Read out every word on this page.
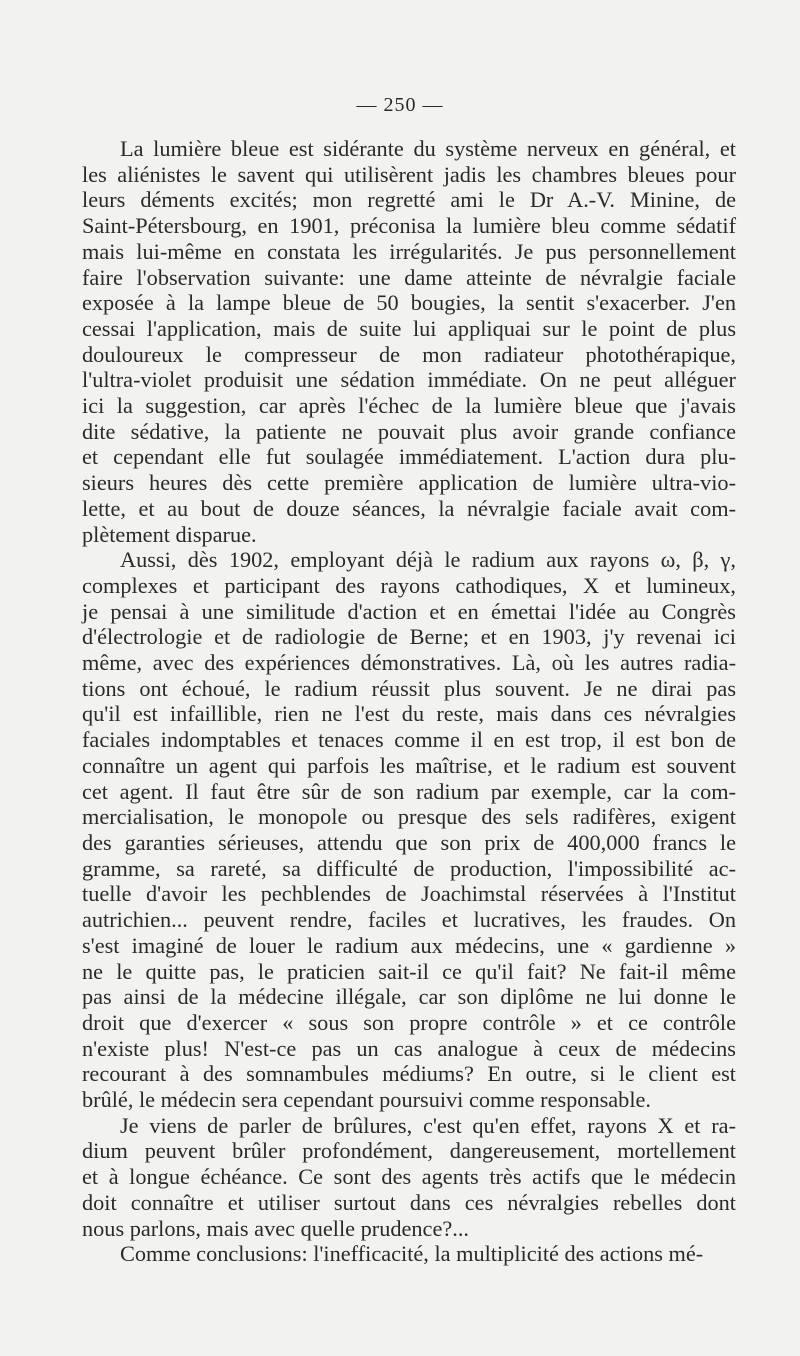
— 250 —

La lumière bleue est sidérante du système nerveux en général, et
les aliénistes le savent qui utilisèrent jadis les chambres bleues pour
leurs déments excités; mon regretté ami le Dr A.-V. Minine, de
Saint-Pétersbourg, en 1901, préconisa la lumière bleu comme sédatif
mais lui-même en constata les irrégularités. Je pus personnellement
faire l'observation suivante: une dame atteinte de névralgie faciale
exposée à la lampe bleue de 50 bougies, la sentit s'exacerber. J'en
cessai l'application, mais de suite lui appliquai sur le point de plus
douloureux le compresseur de mon radiateur photothérapique,
l'ultra-violet produisit une sédation immédiate. On ne peut alléguer
ici la suggestion, car après l'échec de la lumière bleue que j'avais
dite sédative, la patiente ne pouvait plus avoir grande confiance
et cependant elle fut soulagée immédiatement. L'action dura plu-
sieurs heures dès cette première application de lumière ultra-vio-
lette, et au bout de douze séances, la névralgie faciale avait com-
plètement disparue.

Aussi, dès 1902, employant déjà le radium aux rayons ω, β, γ,
complexes et participant des rayons cathodiques, X et lumineux,
je pensai à une similitude d'action et en émettai l'idée au Congrès
d'électrologie et de radiologie de Berne; et en 1903, j'y revenai ici
même, avec des expériences démonstratives. Là, où les autres radia-
tions ont échoué, le radium réussit plus souvent. Je ne dirai pas
qu'il est infaillible, rien ne l'est du reste, mais dans ces névralgies
faciales indomptables et tenaces comme il en est trop, il est bon de
connaître un agent qui parfois les maîtrise, et le radium est souvent
cet agent. Il faut être sûr de son radium par exemple, car la com-
mercialisation, le monopole ou presque des sels radifères, exigent
des garanties sérieuses, attendu que son prix de 400,000 francs le
gramme, sa rareté, sa difficulté de production, l'impossibilité ac-
tuelle d'avoir les pechblendes de Joachimstal réservées à l'Institut
autrichien... peuvent rendre, faciles et lucratives, les fraudes. On
s'est imaginé de louer le radium aux médecins, une « gardienne »
ne le quitte pas, le praticien sait-il ce qu'il fait? Ne fait-il même
pas ainsi de la médecine illégale, car son diplôme ne lui donne le
droit que d'exercer « sous son propre contrôle » et ce contrôle
n'existe plus! N'est-ce pas un cas analogue à ceux de médecins
recourant à des somnambules médiums? En outre, si le client est
brûlé, le médecin sera cependant poursuivi comme responsable.

Je viens de parler de brûlures, c'est qu'en effet, rayons X et ra-
dium peuvent brûler profondément, dangereusement, mortellement
et à longue échéance. Ce sont des agents très actifs que le médecin
doit connaître et utiliser surtout dans ces névralgies rebelles dont
nous parlons, mais avec quelle prudence?...

Comme conclusions: l'inefficacité, la multiplicité des actions mé-
